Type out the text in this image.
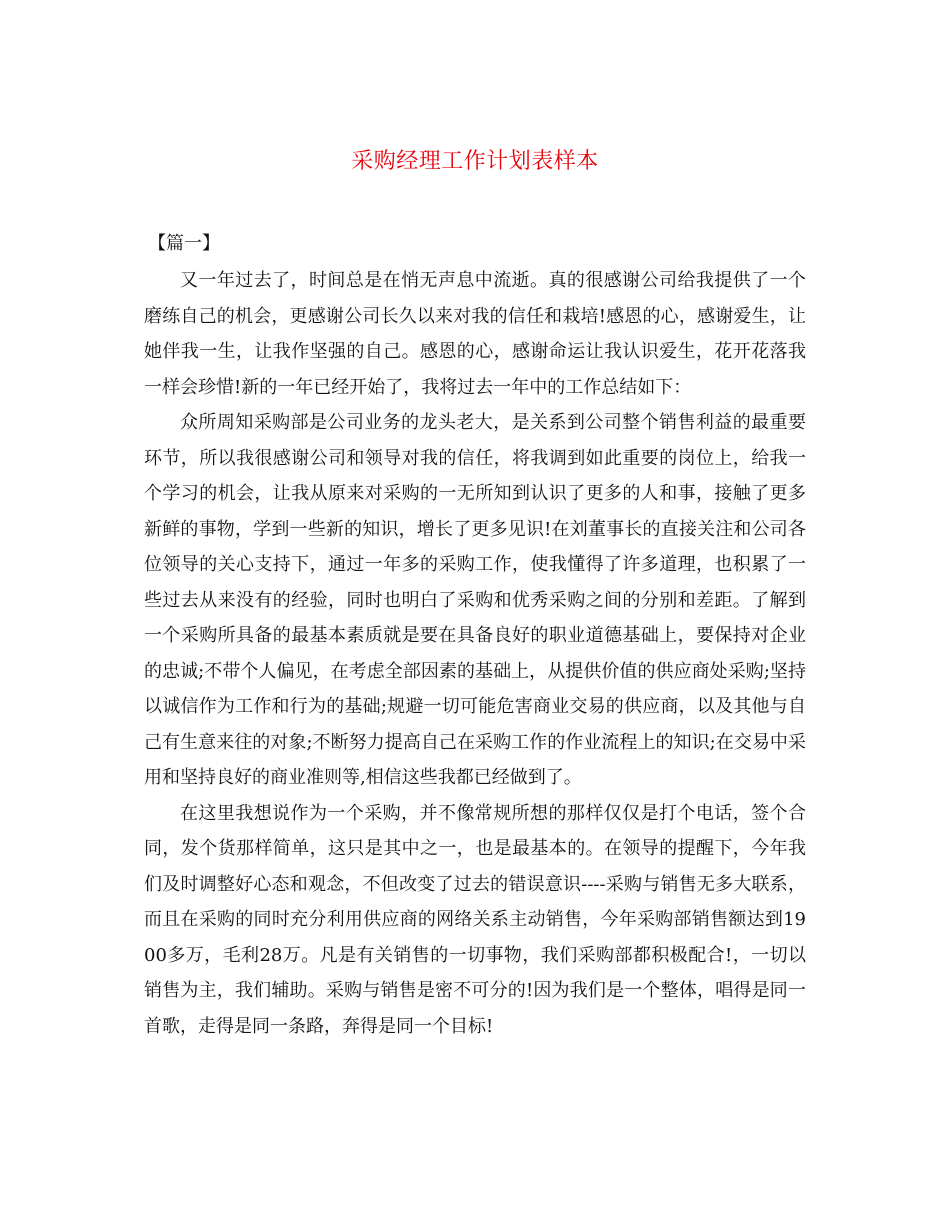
采购经理工作计划表样本
【篇一】

又一年过去了，时间总是在悄无声息中流逝。真的很感谢公司给我提供了一个磨练自己的机会，更感谢公司长久以来对我的信任和栽培!感恩的心，感谢爱生，让她伴我一生，让我作坚强的自己。感恩的心，感谢命运让我认识爱生，花开花落我一样会珍惜!新的一年已经开始了，我将过去一年中的工作总结如下：

众所周知采购部是公司业务的龙头老大，是关系到公司整个销售利益的最重要环节，所以我很感谢公司和领导对我的信任，将我调到如此重要的岗位上，给我一个学习的机会，让我从原来对采购的一无所知到认识了更多的人和事，接触了更多新鲜的事物，学到一些新的知识，增长了更多见识!在刘董事长的直接关注和公司各位领导的关心支持下，通过一年多的采购工作，使我懂得了许多道理，也积累了一些过去从来没有的经验，同时也明白了采购和优秀采购之间的分别和差距。了解到一个采购所具备的最基本素质就是要在具备良好的职业道德基础上，要保持对企业的忠诚;不带个人偏见，在考虑全部因素的基础上，从提供价值的供应商处采购;坚持以诚信作为工作和行为的基础;规避一切可能危害商业交易的供应商，以及其他与自己有生意来往的对象;不断努力提高自己在采购工作的作业流程上的知识;在交易中采用和坚持良好的商业准则等,相信这些我都已经做到了。

在这里我想说作为一个采购，并不像常规所想的那样仅仅是打个电话，签个合同，发个货那样简单，这只是其中之一，也是最基本的。在领导的提醒下，今年我们及时调整好心态和观念，不但改变了过去的错误意识----采购与销售无多大联系，而且在采购的同时充分利用供应商的网络关系主动销售，今年采购部销售额达到1900多万，毛利28万。凡是有关销售的一切事物，我们采购部都积极配合!，一切以销售为主，我们辅助。采购与销售是密不可分的!因为我们是一个整体，唱得是同一首歌，走得是同一条路，奔得是同一个目标!
